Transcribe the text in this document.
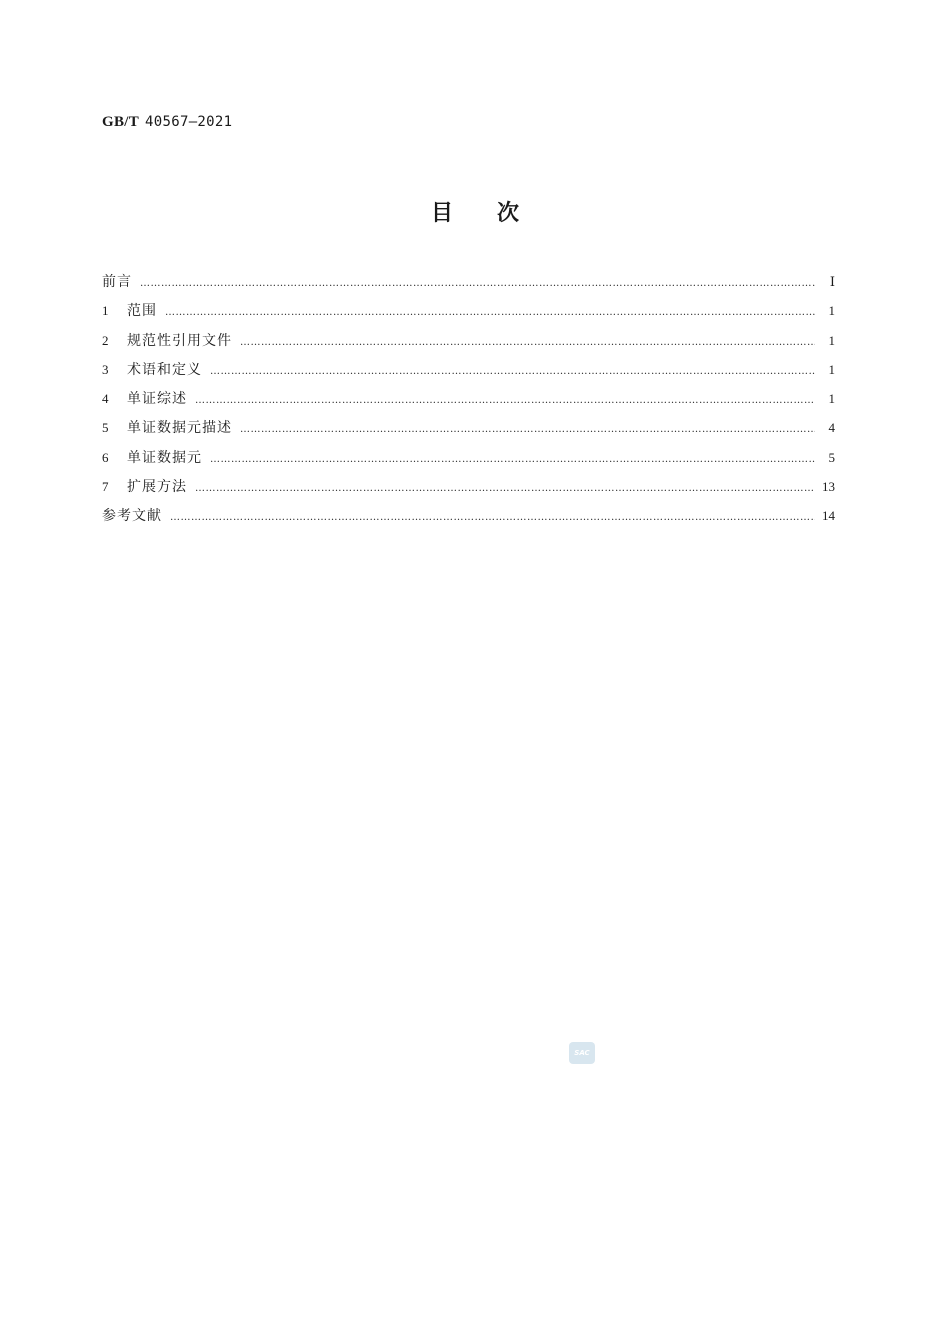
GB/T 40567—2021
目次
前言 ……………………………………………………………………………………………………………………………………………………………………………………………………………………………………………………	Ⅰ
1	范围 ……………………………………………………………………………………………………………………………………………………………………………………………………………………………………………………	1
2	规范性引用文件 ……………………………………………………………………………………………………………………………………………………………………………………………………………………………………………………	1
3	术语和定义 ……………………………………………………………………………………………………………………………………………………………………………………………………………………………………………………	1
4	单证综述 ……………………………………………………………………………………………………………………………………………………………………………………………………………………………………………………	1
5	单证数据元描述 ……………………………………………………………………………………………………………………………………………………………………………………………………………………………………………………	4
6	单证数据元 ……………………………………………………………………………………………………………………………………………………………………………………………………………………………………………………	5
7	扩展方法 ……………………………………………………………………………………………………………………………………………………………………………………………………………………………………………………	13
参考文献 ……………………………………………………………………………………………………………………………………………………………………………………………………………………………………………………	14
SAC
